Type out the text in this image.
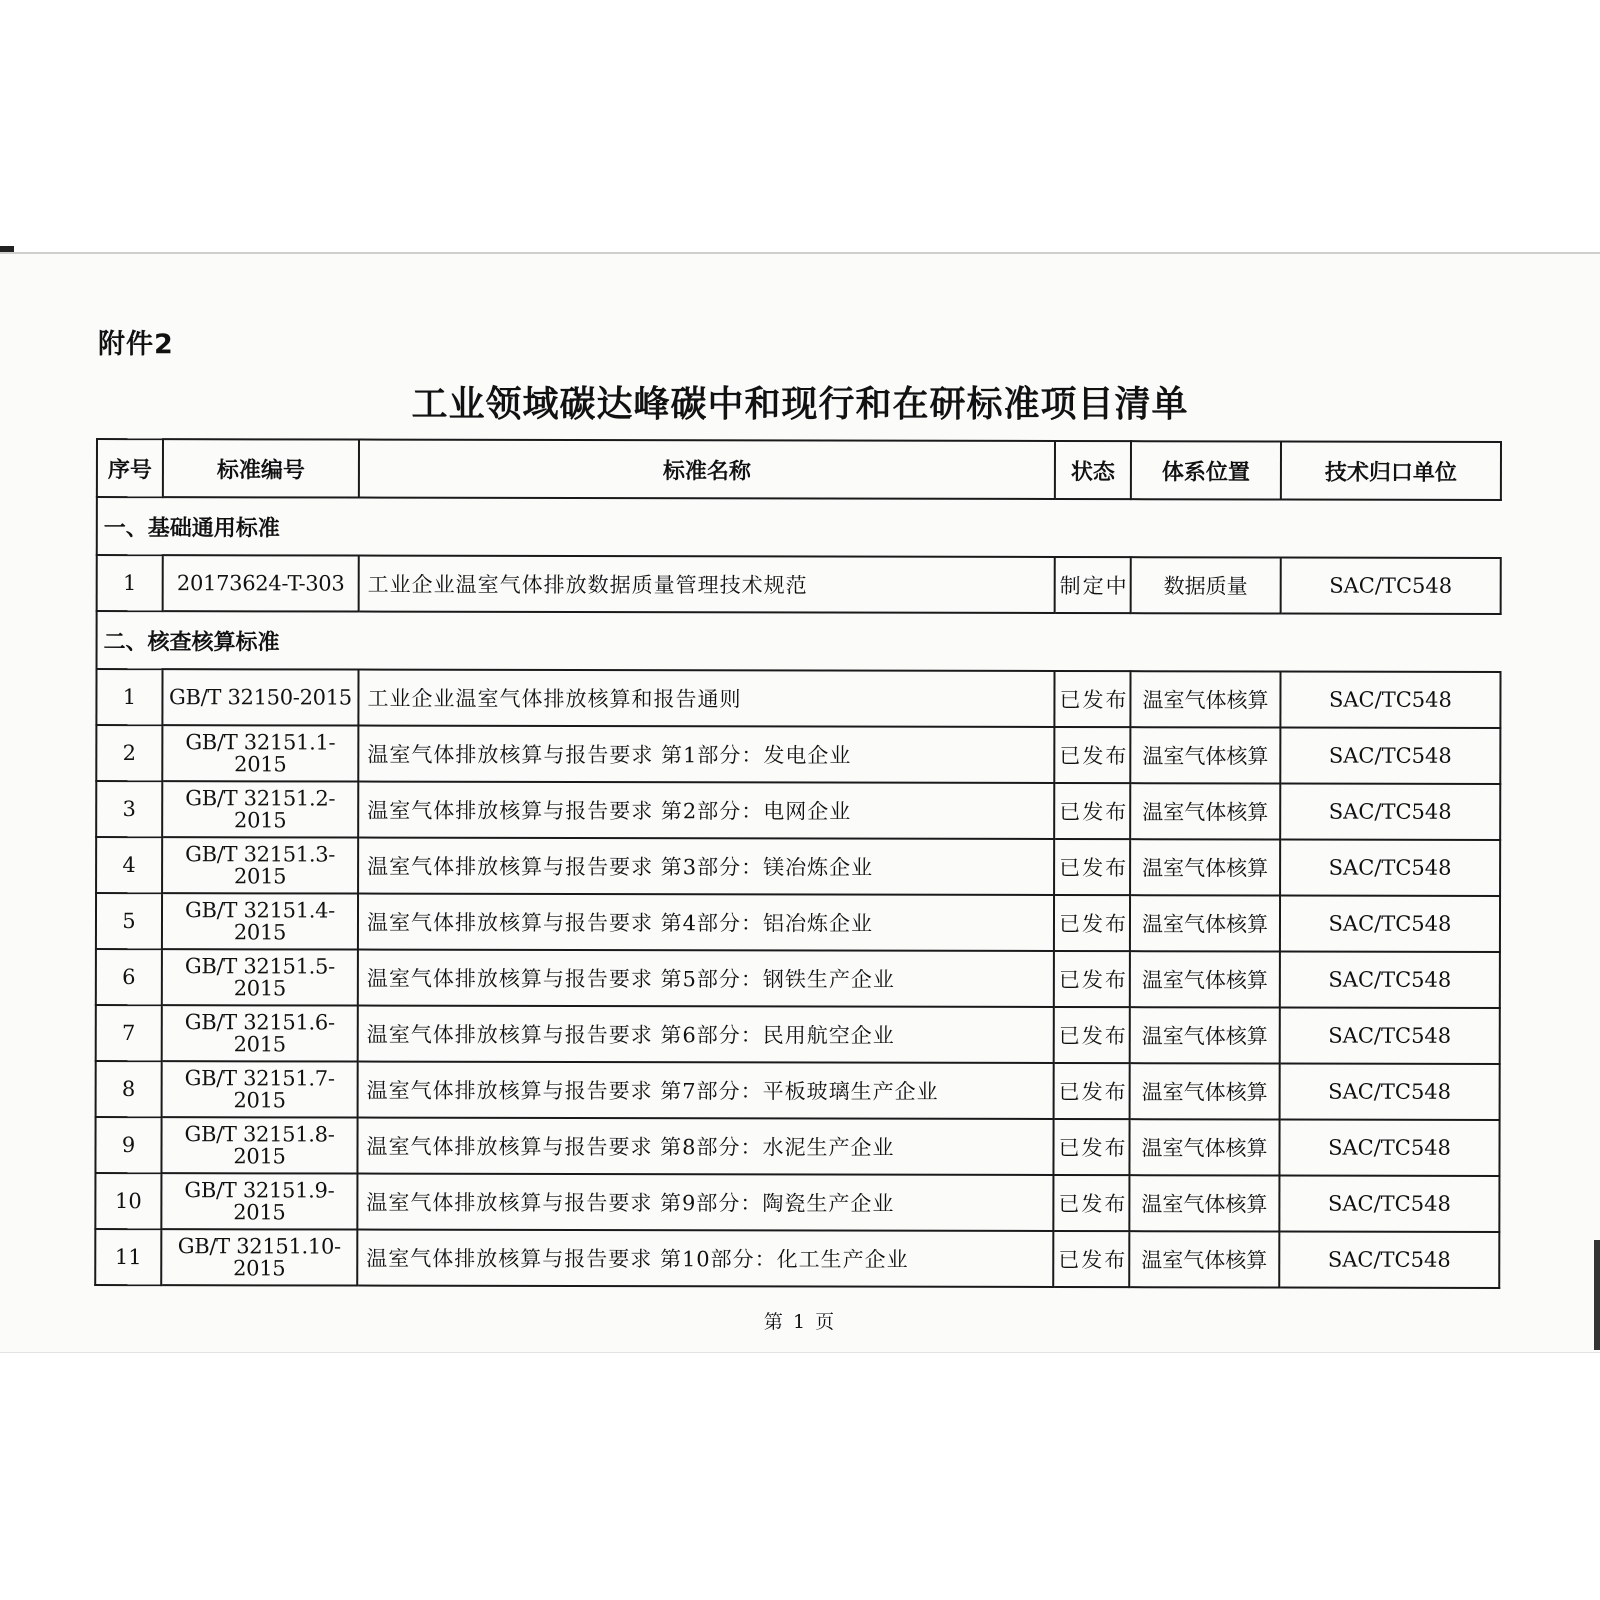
附件2
工业领域碳达峰碳中和现行和在研标准项目清单
序号	标准编号	标准名称	状态	体系位置	技术归口单位
一、基础通用标准					
1	20173624-T-303	工业企业温室气体排放数据质量管理技术规范	制定中	数据质量	SAC/TC548
二、核查核算标准					
1	GB/T 32150-2015	工业企业温室气体排放核算和报告通则	已发布	温室气体核算	SAC/TC548
2	GB/T 32151.1-2015	温室气体排放核算与报告要求 第1部分：发电企业	已发布	温室气体核算	SAC/TC548
3	GB/T 32151.2-2015	温室气体排放核算与报告要求 第2部分：电网企业	已发布	温室气体核算	SAC/TC548
4	GB/T 32151.3-2015	温室气体排放核算与报告要求 第3部分：镁冶炼企业	已发布	温室气体核算	SAC/TC548
5	GB/T 32151.4-2015	温室气体排放核算与报告要求 第4部分：铝冶炼企业	已发布	温室气体核算	SAC/TC548
6	GB/T 32151.5-2015	温室气体排放核算与报告要求 第5部分：钢铁生产企业	已发布	温室气体核算	SAC/TC548
7	GB/T 32151.6-2015	温室气体排放核算与报告要求 第6部分：民用航空企业	已发布	温室气体核算	SAC/TC548
8	GB/T 32151.7-2015	温室气体排放核算与报告要求 第7部分：平板玻璃生产企业	已发布	温室气体核算	SAC/TC548
9	GB/T 32151.8-2015	温室气体排放核算与报告要求 第8部分：水泥生产企业	已发布	温室气体核算	SAC/TC548
10	GB/T 32151.9-2015	温室气体排放核算与报告要求 第9部分：陶瓷生产企业	已发布	温室气体核算	SAC/TC548
11	GB/T 32151.10-2015	温室气体排放核算与报告要求 第10部分：化工生产企业	已发布	温室气体核算	SAC/TC548
第 1 页
